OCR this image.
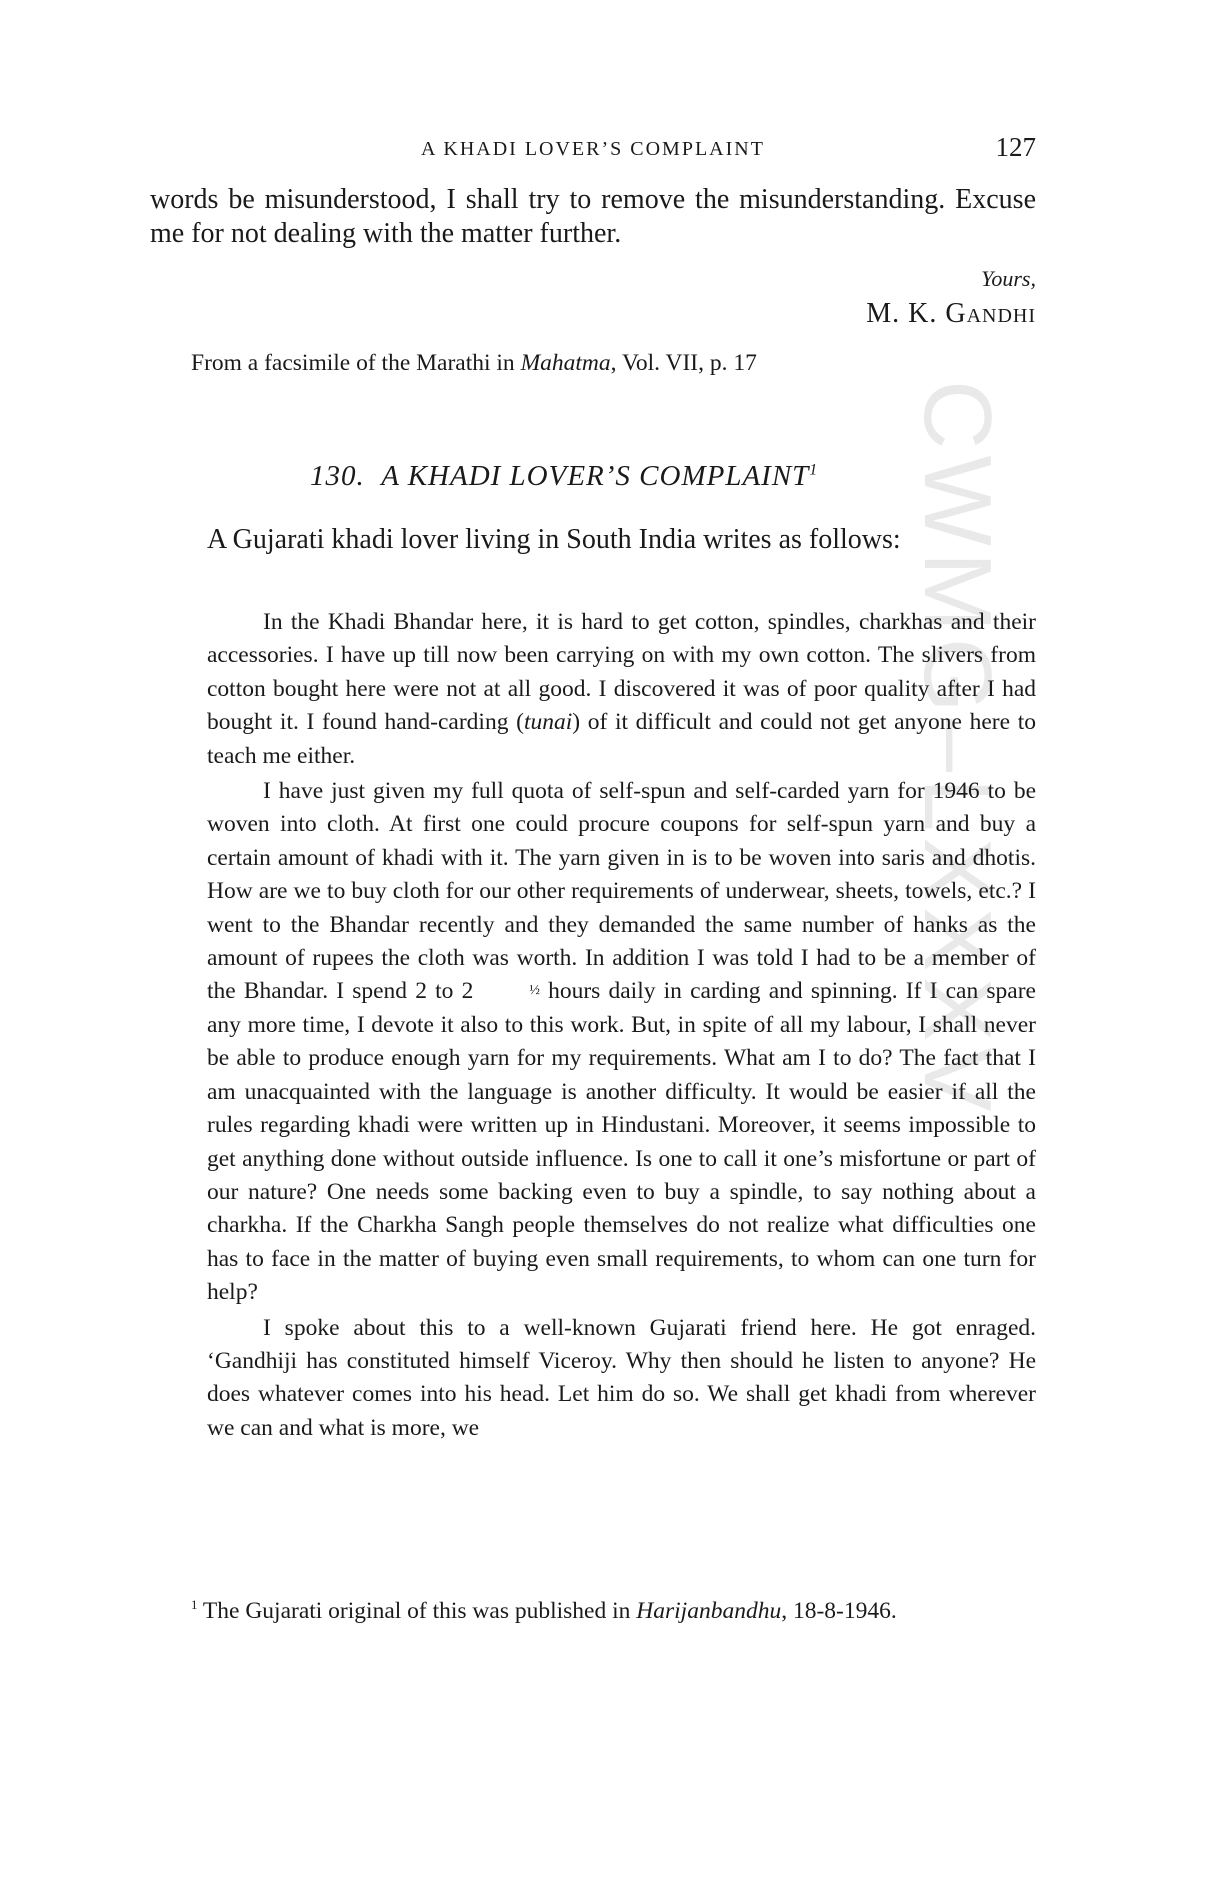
CWMG–LXXXV
A KHADI LOVER’S COMPLAINT	127

words be misunderstood, I shall try to remove the misunderstanding. Excuse me for not dealing with the matter further.

Yours,
M. K. Gandhi
From a facsimile of the Marathi in Mahatma, Vol. VII, p. 17
130. A KHADI LOVER’S COMPLAINT$^1$

A Gujarati khadi lover living in South India writes as follows:

In the Khadi Bhandar here, it is hard to get cotton, spindles, charkhas and their accessories. I have up till now been carrying on with my own cotton. The slivers from cotton bought here were not at all good. I discovered it was of poor quality after I had bought it. I found hand-carding (tunai) of it difficult and could not get anyone here to teach me either.

I have just given my full quota of self-spun and self-carded yarn for 1946 to be woven into cloth. At first one could procure coupons for self-spun yarn and buy a certain amount of khadi with it. The yarn given in is to be woven into saris and dhotis. How are we to buy cloth for our other requirements of underwear, sheets, towels, etc.? I went to the Bhandar recently and they demanded the same number of hanks as the amount of rupees the cloth was worth. In addition I was told I had to be a member of the Bhandar. I spend 2 to 2	½ hours daily in carding and spinning. If I can spare any more time, I devote it also to this work. But, in spite of all my labour, I shall never be able to produce enough yarn for my requirements. What am I to do? The fact that I am unacquainted with the language is another difficulty. It would be easier if all the rules regarding khadi were written up in Hindustani. Moreover, it seems impossible to get anything done without outside influence. Is one to call it one’s misfortune or part of our nature? One needs some backing even to buy a spindle, to say nothing about a charkha. If the Charkha Sangh people themselves do not realize what difficulties one has to face in the matter of buying even small requirements, to whom can one turn for help?

I spoke about this to a well-known Gujarati friend here. He got enraged. ‘Gandhiji has constituted himself Viceroy. Why then should he listen to anyone? He does whatever comes into his head. Let him do so. We shall get khadi from wherever we can and what is more, we

$^1$ The Gujarati original of this was published in Harijanbandhu, 18-8-1946.
